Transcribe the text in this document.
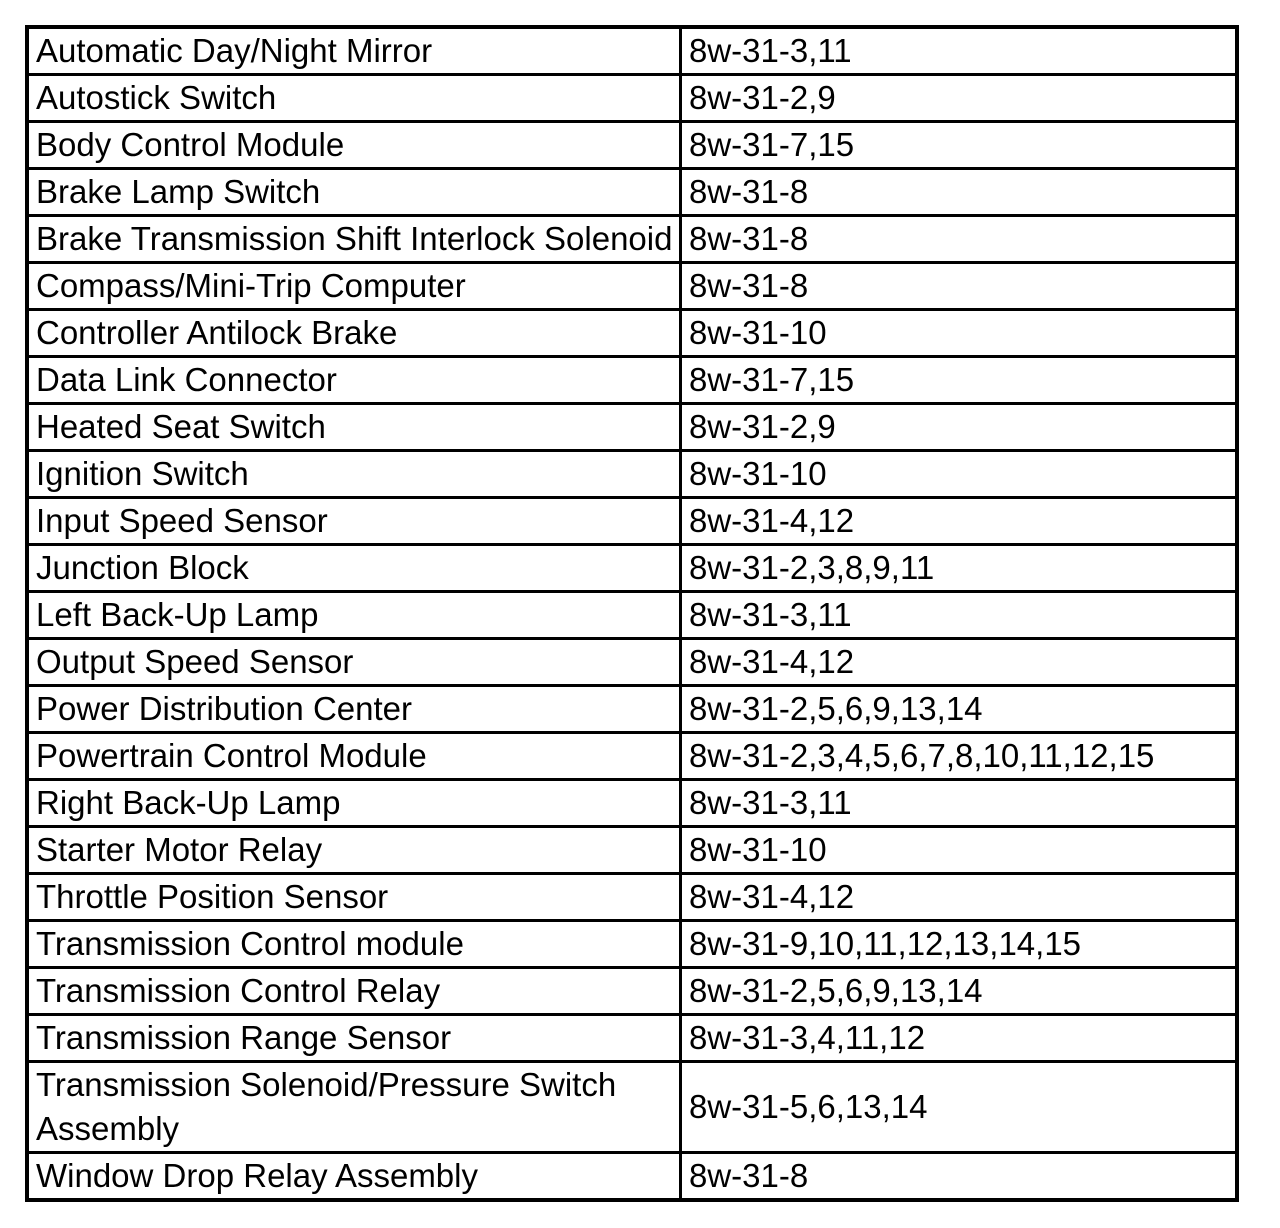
Automatic Day/Night Mirror	8w-31-3,11
Autostick Switch	8w-31-2,9
Body Control Module	8w-31-7,15
Brake Lamp Switch	8w-31-8
Brake Transmission Shift Interlock Solenoid	8w-31-8
Compass/Mini-Trip Computer	8w-31-8
Controller Antilock Brake	8w-31-10
Data Link Connector	8w-31-7,15
Heated Seat Switch	8w-31-2,9
Ignition Switch	8w-31-10
Input Speed Sensor	8w-31-4,12
Junction Block	8w-31-2,3,8,9,11
Left Back-Up Lamp	8w-31-3,11
Output Speed Sensor	8w-31-4,12
Power Distribution Center	8w-31-2,5,6,9,13,14
Powertrain Control Module	8w-31-2,3,4,5,6,7,8,10,11,12,15
Right Back-Up Lamp	8w-31-3,11
Starter Motor Relay	8w-31-10
Throttle Position Sensor	8w-31-4,12
Transmission Control module	8w-31-9,10,11,12,13,14,15
Transmission Control Relay	8w-31-2,5,6,9,13,14
Transmission Range Sensor	8w-31-3,4,11,12
Transmission Solenoid/Pressure Switch Assembly	8w-31-5,6,13,14
Window Drop Relay Assembly	8w-31-8
